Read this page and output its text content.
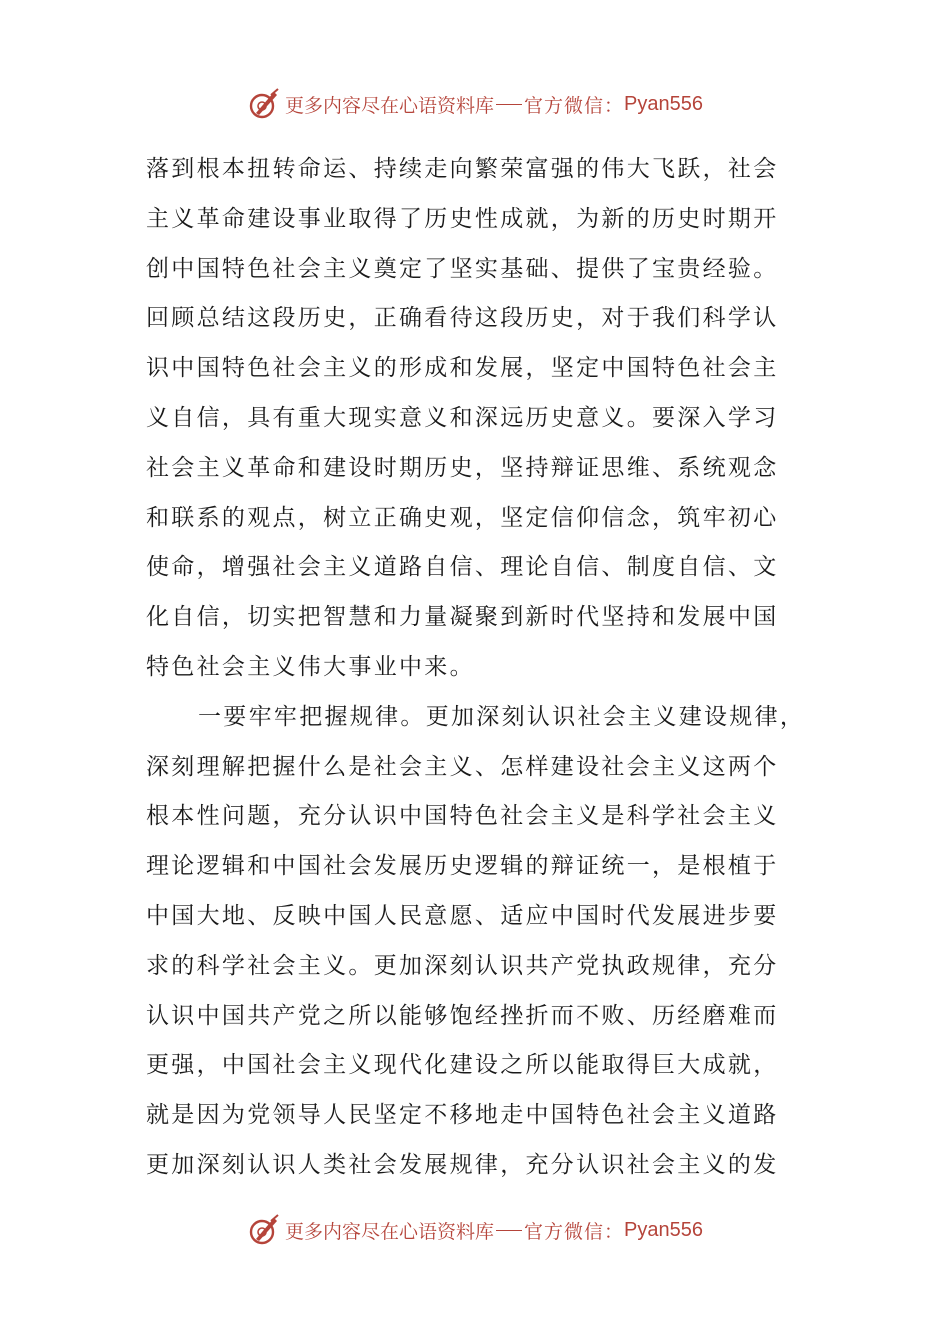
更多内容尽在心语资料库 官方微信： Pyan556
落到根本扭转命运、持续走向繁荣富强的伟大飞跃，社会
主义革命建设事业取得了历史性成就，为新的历史时期开
创中国特色社会主义奠定了坚实基础、提供了宝贵经验。
回顾总结这段历史，正确看待这段历史，对于我们科学认
识中国特色社会主义的形成和发展，坚定中国特色社会主
义自信，具有重大现实意义和深远历史意义。要深入学习
社会主义革命和建设时期历史，坚持辩证思维、系统观念
和联系的观点，树立正确史观，坚定信仰信念，筑牢初心
使命，增强社会主义道路自信、理论自信、制度自信、文
化自信，切实把智慧和力量凝聚到新时代坚持和发展中国
特色社会主义伟大事业中来。
一要牢牢把握规律。更加深刻认识社会主义建设规律，
深刻理解把握什么是社会主义、怎样建设社会主义这两个
根本性问题，充分认识中国特色社会主义是科学社会主义
理论逻辑和中国社会发展历史逻辑的辩证统一，是根植于
中国大地、反映中国人民意愿、适应中国时代发展进步要
求的科学社会主义。更加深刻认识共产党执政规律，充分
认识中国共产党之所以能够饱经挫折而不败、历经磨难而
更强，中国社会主义现代化建设之所以能取得巨大成就，
就是因为党领导人民坚定不移地走中国特色社会主义道路
更加深刻认识人类社会发展规律，充分认识社会主义的发
更多内容尽在心语资料库 官方微信： Pyan556
